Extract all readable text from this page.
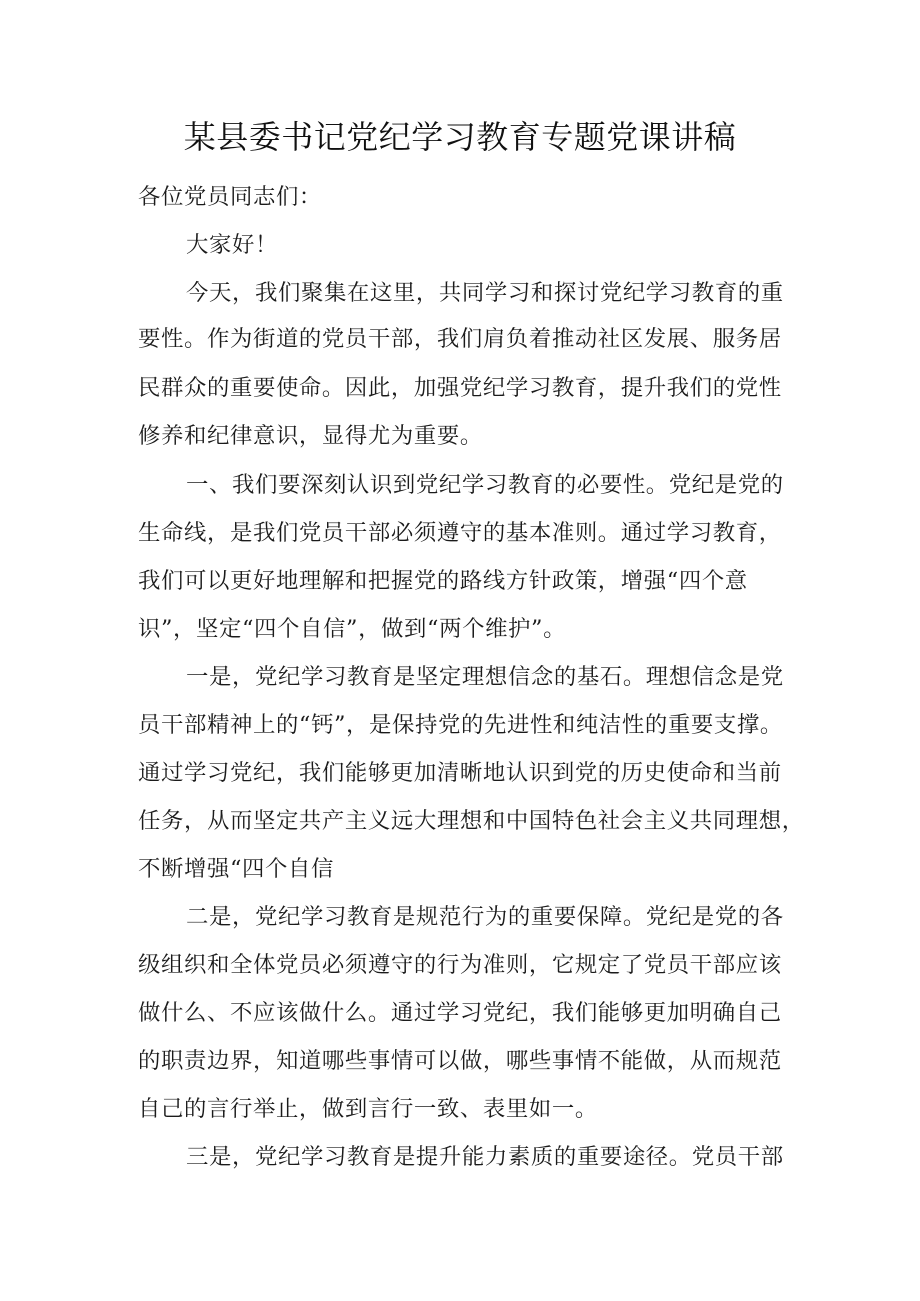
某县委书记党纪学习教育专题党课讲稿
各位党员同志们：
大家好！
今天，我们聚集在这里，共同学习和探讨党纪学习教育的重
要性。作为街道的党员干部，我们肩负着推动社区发展、服务居
民群众的重要使命。因此，加强党纪学习教育，提升我们的党性
修养和纪律意识，显得尤为重要。
一、我们要深刻认识到党纪学习教育的必要性。党纪是党的
生命线，是我们党员干部必须遵守的基本准则。通过学习教育，
我们可以更好地理解和把握党的路线方针政策，增强“四个意
识”，坚定“四个自信”，做到“两个维护”。
一是，党纪学习教育是坚定理想信念的基石。理想信念是党
员干部精神上的“钙”，是保持党的先进性和纯洁性的重要支撑。
通过学习党纪，我们能够更加清晰地认识到党的历史使命和当前
任务，从而坚定共产主义远大理想和中国特色社会主义共同理想，
不断增强“四个自信
二是，党纪学习教育是规范行为的重要保障。党纪是党的各
级组织和全体党员必须遵守的行为准则，它规定了党员干部应该
做什么、不应该做什么。通过学习党纪，我们能够更加明确自己
的职责边界，知道哪些事情可以做，哪些事情不能做，从而规范
自己的言行举止，做到言行一致、表里如一。
三是，党纪学习教育是提升能力素质的重要途径。党员干部
